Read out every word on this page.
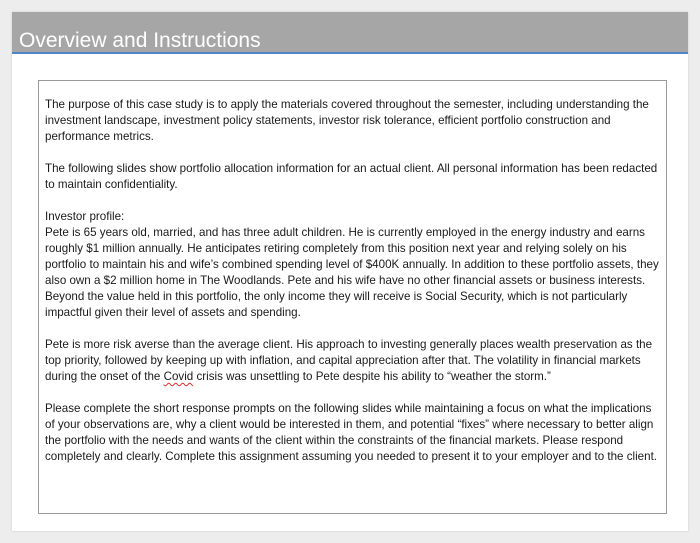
Overview and Instructions

The purpose of this case study is to apply the materials covered throughout the semester, including understanding the investment landscape, investment policy statements, investor risk tolerance, efficient portfolio construction and performance metrics.

The following slides show portfolio allocation information for an actual client. All personal information has been redacted to maintain confidentiality.

Investor profile:

Pete is 65 years old, married, and has three adult children. He is currently employed in the energy industry and earns roughly $1 million annually. He anticipates retiring completely from this position next year and relying solely on his portfolio to maintain his and wife’s combined spending level of $400K annually. In addition to these portfolio assets, they also own a $2 million home in The Woodlands. Pete and his wife have no other financial assets or business interests. Beyond the value held in this portfolio, the only income they will receive is Social Security, which is not particularly impactful given their level of assets and spending.

Pete is more risk averse than the average client. His approach to investing generally places wealth preservation as the top priority, followed by keeping up with inflation, and capital appreciation after that. The volatility in financial markets during the onset of the Covid crisis was unsettling to Pete despite his ability to “weather the storm.”

Please complete the short response prompts on the following slides while maintaining a focus on what the implications of your observations are, why a client would be interested in them, and potential “fixes” where necessary to better align the portfolio with the needs and wants of the client within the constraints of the financial markets. Please respond completely and clearly. Complete this assignment assuming you needed to present it to your employer and to the client.
